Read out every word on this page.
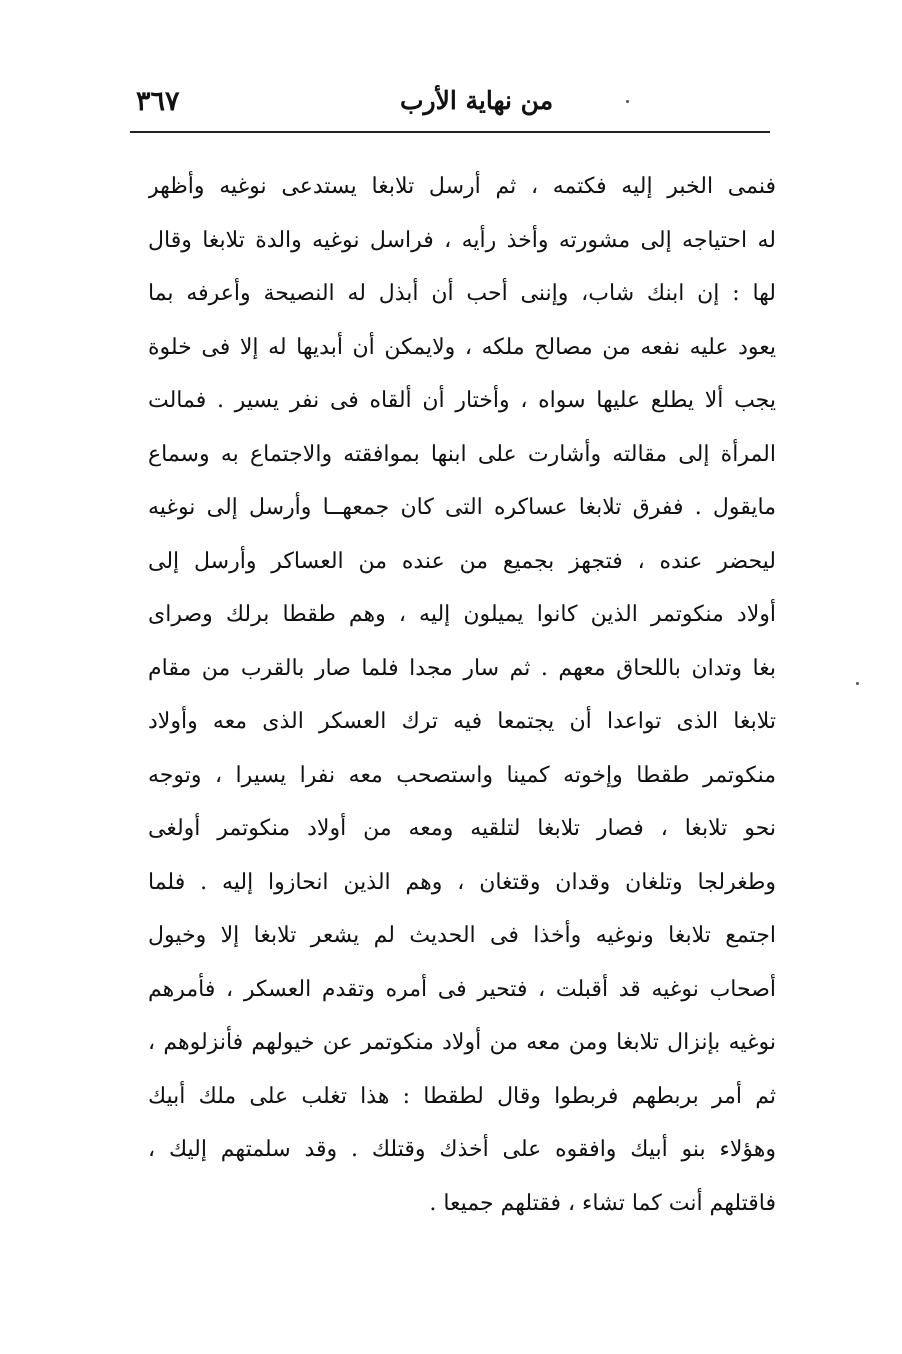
٣٦٧	من نهاية الأرب
فنمى الخبر إليه فكتمه ، ثم أرسل تلابغا يستدعى نوغيه وأظهر
له احتياجه إلى مشورته وأخذ رأيه ، فراسل نوغيه والدة تلابغا وقال
لها : إن ابنك شاب، وإننى أحب أن أبذل له النصيحة وأعرفه بما
يعود عليه نفعه من مصالح ملكه ، ولايمكن أن أبديها له إلا فى خلوة
يجب ألا يطلع عليها سواه ، وأختار أن ألقاه فى نفر يسير . فمالت
المرأة إلى مقالته وأشارت على ابنها بموافقته والاجتماع به وسماع
مايقول . ففرق تلابغا عساكره التى كان جمعهــا وأرسل إلى نوغيه
ليحضر عنده ، فتجهز بجميع من عنده من العساكر وأرسل إلى
أولاد منكوتمر الذين كانوا يميلون إليه ، وهم طقطا برلك وصراى
بغا وتدان باللحاق معهم . ثم سار مجدا فلما صار بالقرب من مقام
تلابغا الذى تواعدا أن يجتمعا فيه ترك العسكر الذى معه وأولاد
منكوتمر طقطا وإخوته كمينا واستصحب معه نفرا يسيرا ، وتوجه
نحو تلابغا ، فصار تلابغا لتلقيه ومعه من أولاد منكوتمر أولغى
وطغرلجا وتلغان وقدان وقتغان ، وهم الذين انحازوا إليه . فلما
اجتمع تلابغا ونوغيه وأخذا فى الحديث لم يشعر تلابغا إلا وخيول
أصحاب نوغيه قد أقبلت ، فتحير فى أمره وتقدم العسكر ، فأمرهم
نوغيه بإنزال تلابغا ومن معه من أولاد منكوتمر عن خيولهم فأنزلوهم ،
ثم أمر بربطهم فربطوا وقال لطقطا : هذا تغلب على ملك أبيك
وهؤلاء بنو أبيك وافقوه على أخذك وقتلك . وقد سلمتهم إليك ،
فاقتلهم أنت كما تشاء ، فقتلهم جميعا .
